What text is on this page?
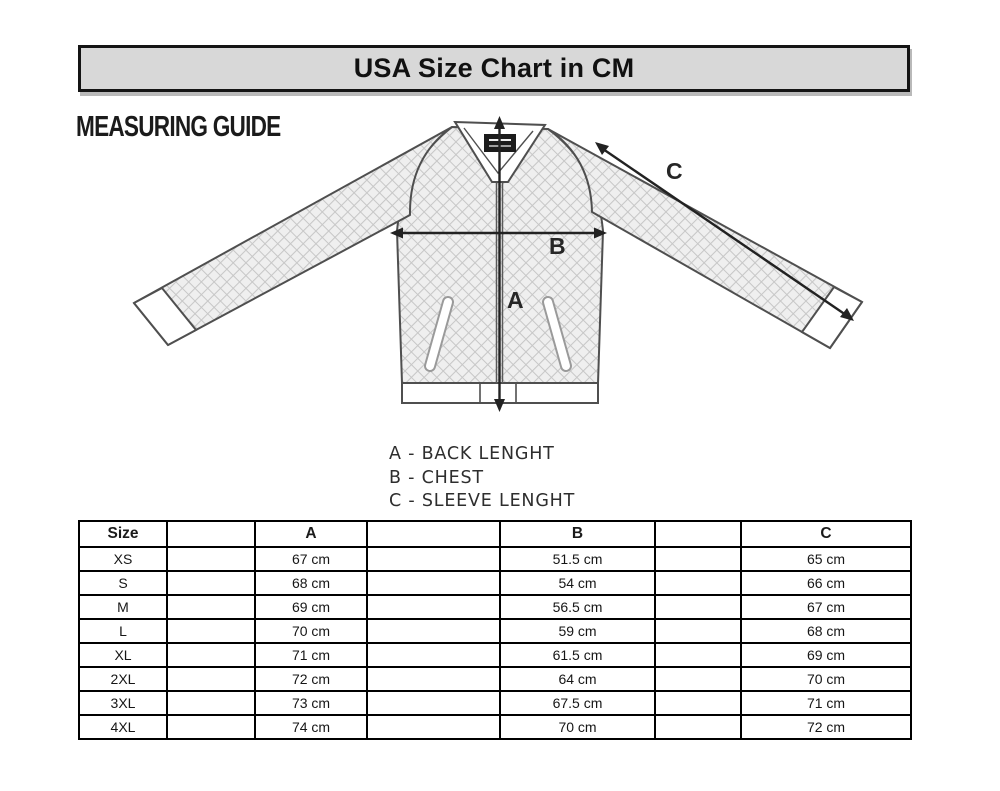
USA Size Chart in CM
MEASURING GUIDE
A
B
C
A - BACK LENGHT
B - CHEST
C - SLEEVE LENGHT
Size		A		B		C
XS		67 cm		51.5 cm		65 cm
S		68 cm		54 cm		66 cm
M		69 cm		56.5 cm		67 cm
L		70 cm		59 cm		68 cm
XL		71 cm		61.5 cm		69 cm
2XL		72 cm		64 cm		70 cm
3XL		73 cm		67.5 cm		71 cm
4XL		74 cm		70 cm		72 cm
